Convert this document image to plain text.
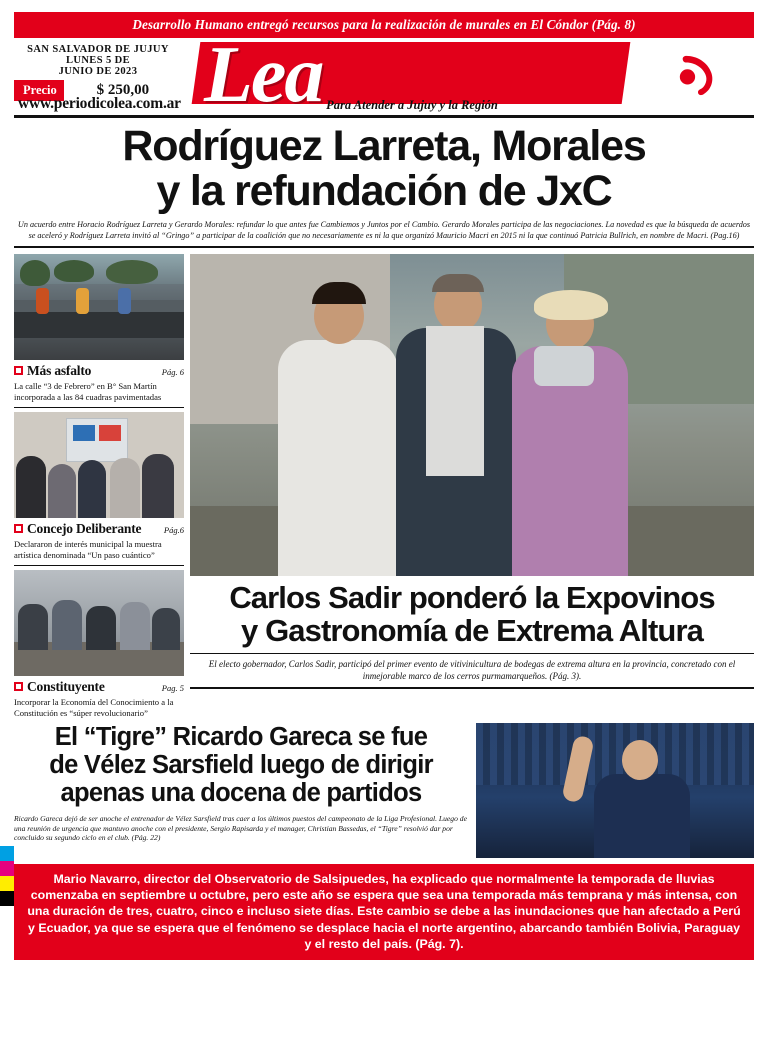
Desarrollo Humano entregó recursos para la realización de murales en El Cóndor (Pág. 8)
SAN SALVADOR DE JUJUY
LUNES 5 DE
JUNIO DE 2023
Precio	$ 250,00 Lea
www.periodicolea.com.ar	Para Atender a Jujuy y la Región
Rodríguez Larreta, Morales
y la refundación de JxC
Un acuerdo entre Horacio Rodríguez Larreta y Gerardo Morales: refundar lo que antes fue Cambiemos y Juntos por el Cambio. Gerardo Morales participa de las negociaciones. La novedad es que la búsqueda de acuerdos se aceleró y Rodríguez Larreta invitó al “Gringo” a participar de la coalición que no necesariamente es ni la que organizó Mauricio Macri en 2015 ni la que continuó Patricia Bullrich, en nombre de Macri. (Pag.16)
Más asfalto	Pág. 6
La calle “3 de Febrero” en B° San Martín incorporada a las 84 cuadras pavimentadas
Concejo Deliberante	Pág.6
Declararon de interés municipal la muestra artística denominada “Un paso cuántico”
Constituyente	Pag. 5
Incorporar la Economía del Conocimiento a la Constitución es “súper revolucionario”
Carlos Sadir ponderó la Expovinos
y Gastronomía de Extrema Altura
El electo gobernador, Carlos Sadir, participó del primer evento de vitivinicultura de bodegas de extrema altura en la provincia, concretado con el inmejorable marco de los cerros purmamarqueños. (Pág. 3).
El “Tigre” Ricardo Gareca se fue
de Vélez Sarsfield luego de dirigir
apenas una docena de partidos
Ricardo Gareca dejó de ser anoche el entrenador de Vélez Sarsfield tras caer a los últimos puestos del campeonato de la Liga Profesional. Luego de una reunión de urgencia que mantuvo anoche con el presidente, Sergio Rapisarda y el manager, Christian Bassedas, el “Tigre” resolvió dar por concluido su segundo ciclo en el club. (Pág. 22)
Mario Navarro, director del Observatorio de Salsipuedes, ha explicado que normalmente la temporada de lluvias comenzaba en septiembre u octubre, pero este año se espera que sea una temporada más temprana y más intensa, con una duración de tres, cuatro, cinco e incluso siete días. Este cambio se debe a las inundaciones que han afectado a Perú y Ecuador, ya que se espera que el fenómeno se desplace hacia el norte argentino, abarcando también Bolivia, Paraguay y el resto del país. (Pág. 7).
